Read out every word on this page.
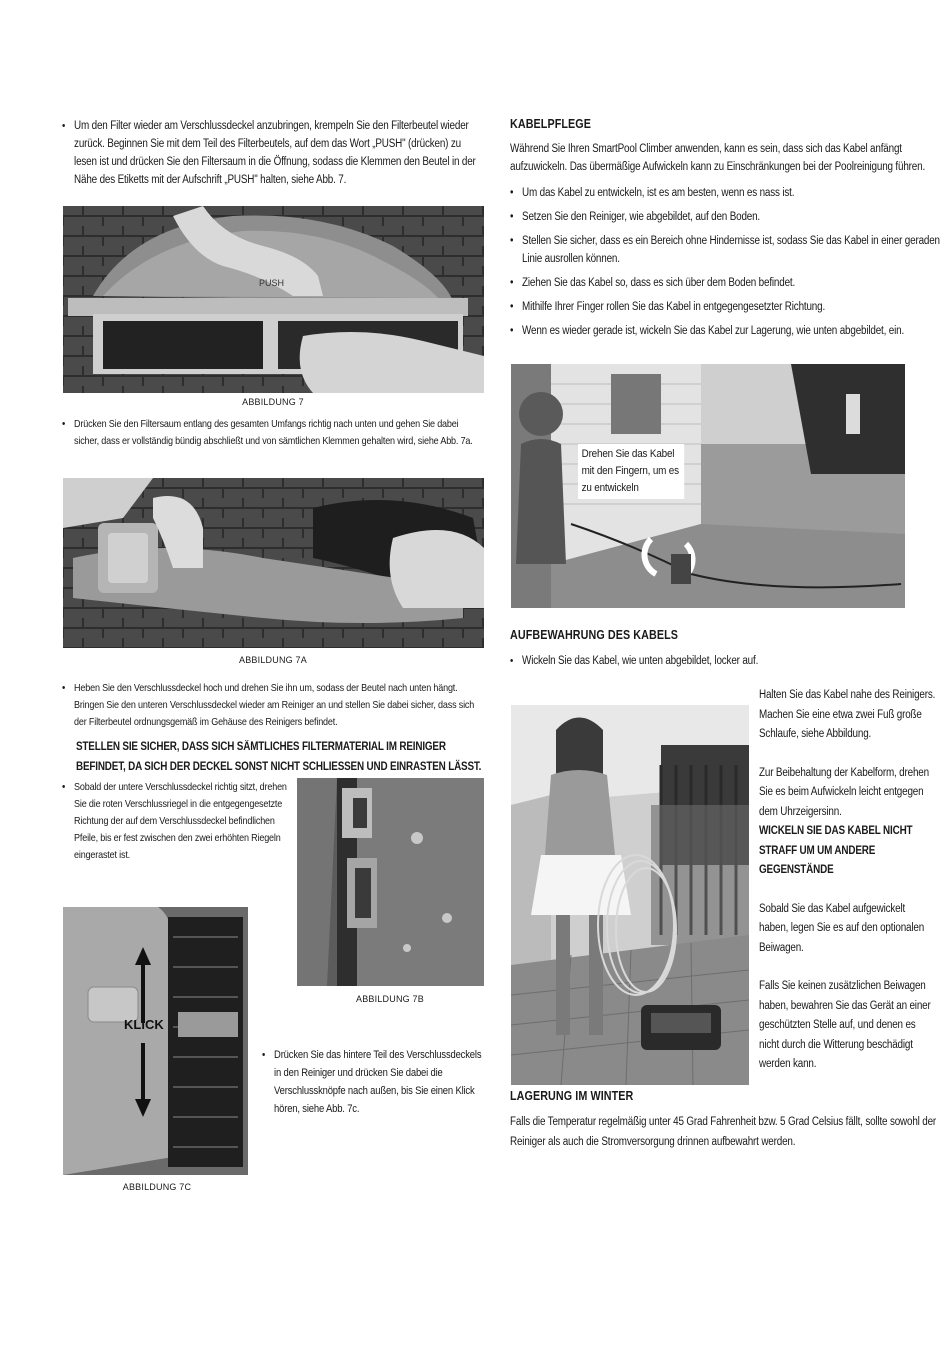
• Um den Filter wieder am Verschlussdeckel anzubringen, krempeln Sie den Filterbeutel wieder zurück. Beginnen Sie mit dem Teil des Filterbeutels, auf dem das Wort „PUSH" (drücken) zu lesen ist und drücken Sie den Filtersaum in die Öffnung, sodass die Klemmen den Beutel in der Nähe des Etiketts mit der Aufschrift „PUSH" halten, siehe Abb. 7.
PUSH
ABBILDUNG 7
• Drücken Sie den Filtersaum entlang des gesamten Umfangs richtig nach unten und gehen Sie dabei sicher, dass er vollständig bündig abschließt und von sämtlichen Klemmen gehalten wird, siehe Abb. 7a.
ABBILDUNG 7A
• Heben Sie den Verschlussdeckel hoch und drehen Sie ihn um, sodass der Beutel nach unten hängt. Bringen Sie den unteren Verschlussdeckel wieder am Reiniger an und stellen Sie dabei sicher, dass sich der Filterbeutel ordnungsgemäß im Gehäuse des Reinigers befindet.
STELLEN SIE SICHER, DASS SICH SÄMTLICHES FILTERMATERIAL IM REINIGER
BEFINDET, DA SICH DER DECKEL SONST NICHT SCHLIESSEN UND EINRASTEN LÄSST.
• Sobald der untere Verschlussdeckel richtig sitzt, drehen Sie die roten Verschlussriegel in die entgegengesetzte Richtung der auf dem Verschlussdeckel befindlichen Pfeile, bis er fest zwischen den zwei erhöhten Riegeln eingerastet ist.
ABBILDUNG 7B
KLICK
ABBILDUNG 7C
• Drücken Sie das hintere Teil des Verschlussdeckels in den Reiniger und drücken Sie dabei die Verschlussknöpfe nach außen, bis Sie einen Klick hören, siehe Abb. 7c.
KABELPFLEGE
Während Sie Ihren SmartPool Climber anwenden, kann es sein, dass sich das Kabel anfängt aufzuwickeln. Das übermäßige Aufwickeln kann zu Einschränkungen bei der Poolreinigung führen.
• Um das Kabel zu entwickeln, ist es am besten, wenn es nass ist.
• Setzen Sie den Reiniger, wie abgebildet, auf den Boden.
• Stellen Sie sicher, dass es ein Bereich ohne Hindernisse ist, sodass Sie das Kabel in einer geraden Linie ausrollen können.
• Ziehen Sie das Kabel so, dass es sich über dem Boden befindet.
• Mithilfe Ihrer Finger rollen Sie das Kabel in entgegengesetzter Richtung.
• Wenn es wieder gerade ist, wickeln Sie das Kabel zur Lagerung, wie unten abgebildet, ein.
Drehen Sie das Kabel mit den Fingern, um es zu entwickeln
AUFBEWAHRUNG DES KABELS
• Wickeln Sie das Kabel, wie unten abgebildet, locker auf.
Halten Sie das Kabel nahe des Reinigers. Machen Sie eine etwa zwei Fuß große Schlaufe, siehe Abbildung.
Zur Beibehaltung der Kabelform, drehen Sie es beim Aufwickeln leicht entgegen dem Uhrzeigersinn.
WICKELN SIE DAS KABEL NICHT STRAFF UM UM ANDERE GEGENSTÄNDE
Sobald Sie das Kabel aufgewickelt haben, legen Sie es auf den optionalen Beiwagen.
Falls Sie keinen zusätzlichen Beiwagen haben, bewahren Sie das Gerät an einer geschützten Stelle auf, und denen es nicht durch die Witterung beschädigt werden kann.
LAGERUNG IM WINTER
Falls die Temperatur regelmäßig unter 45 Grad Fahrenheit bzw. 5 Grad Celsius fällt, sollte sowohl der Reiniger als auch die Stromversorgung drinnen aufbewahrt werden.
